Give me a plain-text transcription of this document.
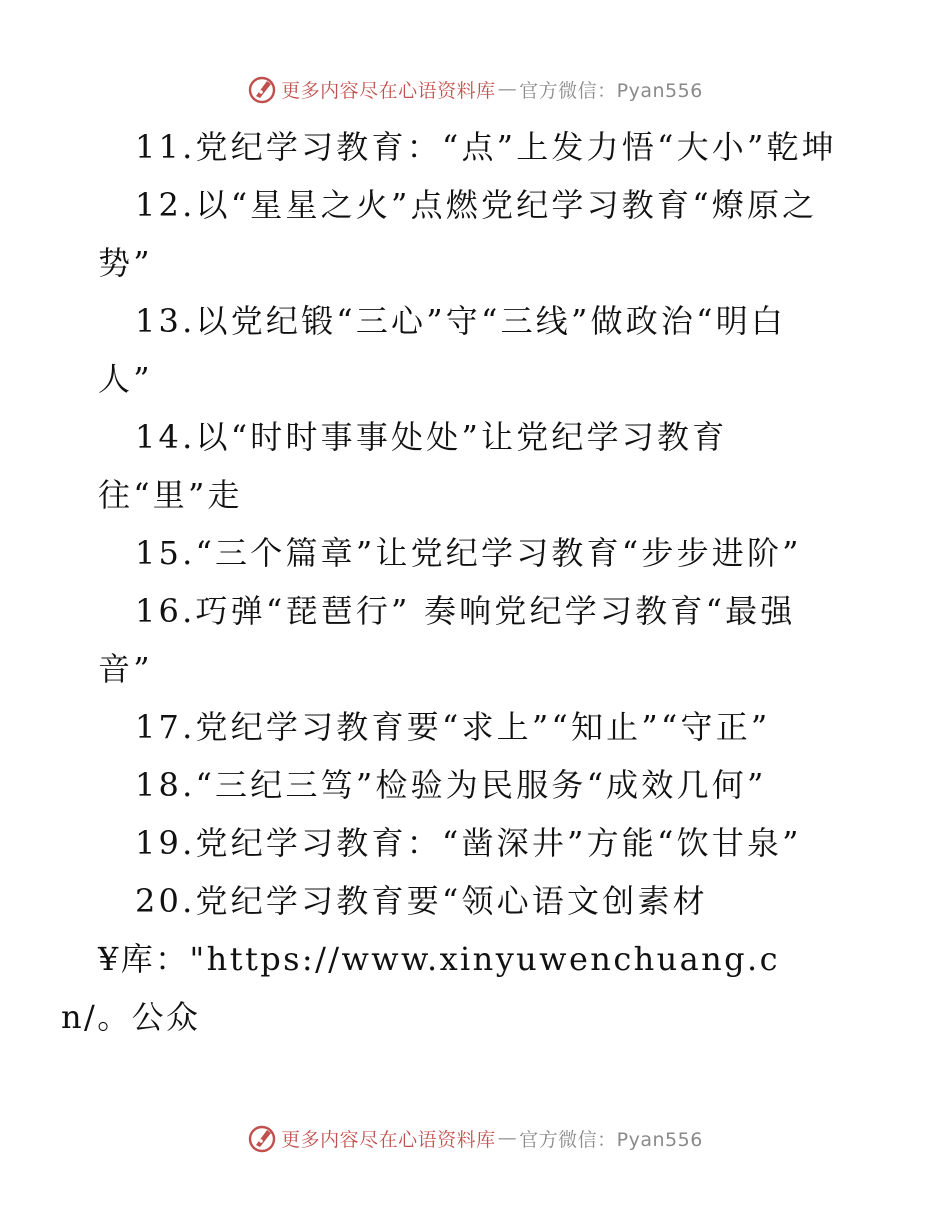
更多内容尽在心语资料库 — 官方微信：Pyan556

11.党纪学习教育：“点”上发力悟“大小”乾坤

12.以“星星之火”点燃党纪学习教育“燎原之势”

13.以党纪锻“三心”守“三线”做政治“明白人”

14.以“时时事事处处”让党纪学习教育
往“里”走

15.“三个篇章”让党纪学习教育“步步进阶”

16.巧弹“琵琶行” 奏响党纪学习教育“最强音”

17.党纪学习教育要“求上”“知止”“守正”

18.“三纪三笃”检验为民服务“成效几何”

19.党纪学习教育：“凿深井”方能“饮甘泉”

20.党纪学习教育要“领心语文创素材
¥库："https://www.xinyuwenchuang.cn/。公众

更多内容尽在心语资料库 — 官方微信：Pyan556
